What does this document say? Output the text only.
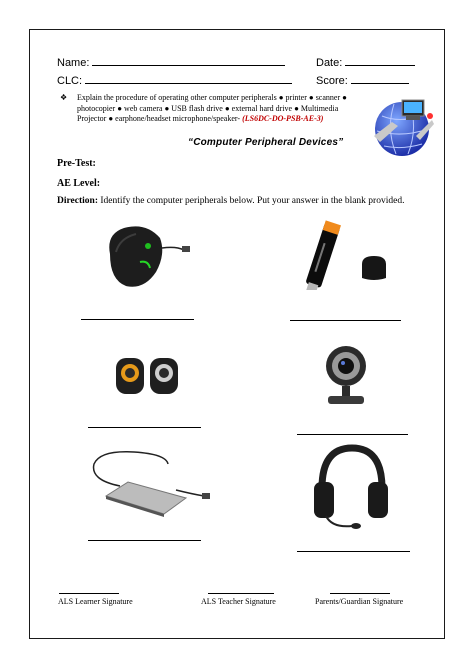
Name:	Date:
CLC:	Score:
❖ Explain the procedure of operating other computer peripherals ● printer ● scanner ● photocopier ● web camera ● USB flash drive ● external hard drive ● Multimedia Projector ● earphone/headset microphone/speaker- (LS6DC-DO-PSB-AE-3)
“Computer Peripheral Devices”
Pre-Test:
AE Level:
Direction: Identify the computer peripherals below. Put your answer in the blank provided.
ALS Learner Signature	ALS Teacher Signature	Parents/Guardian Signature
